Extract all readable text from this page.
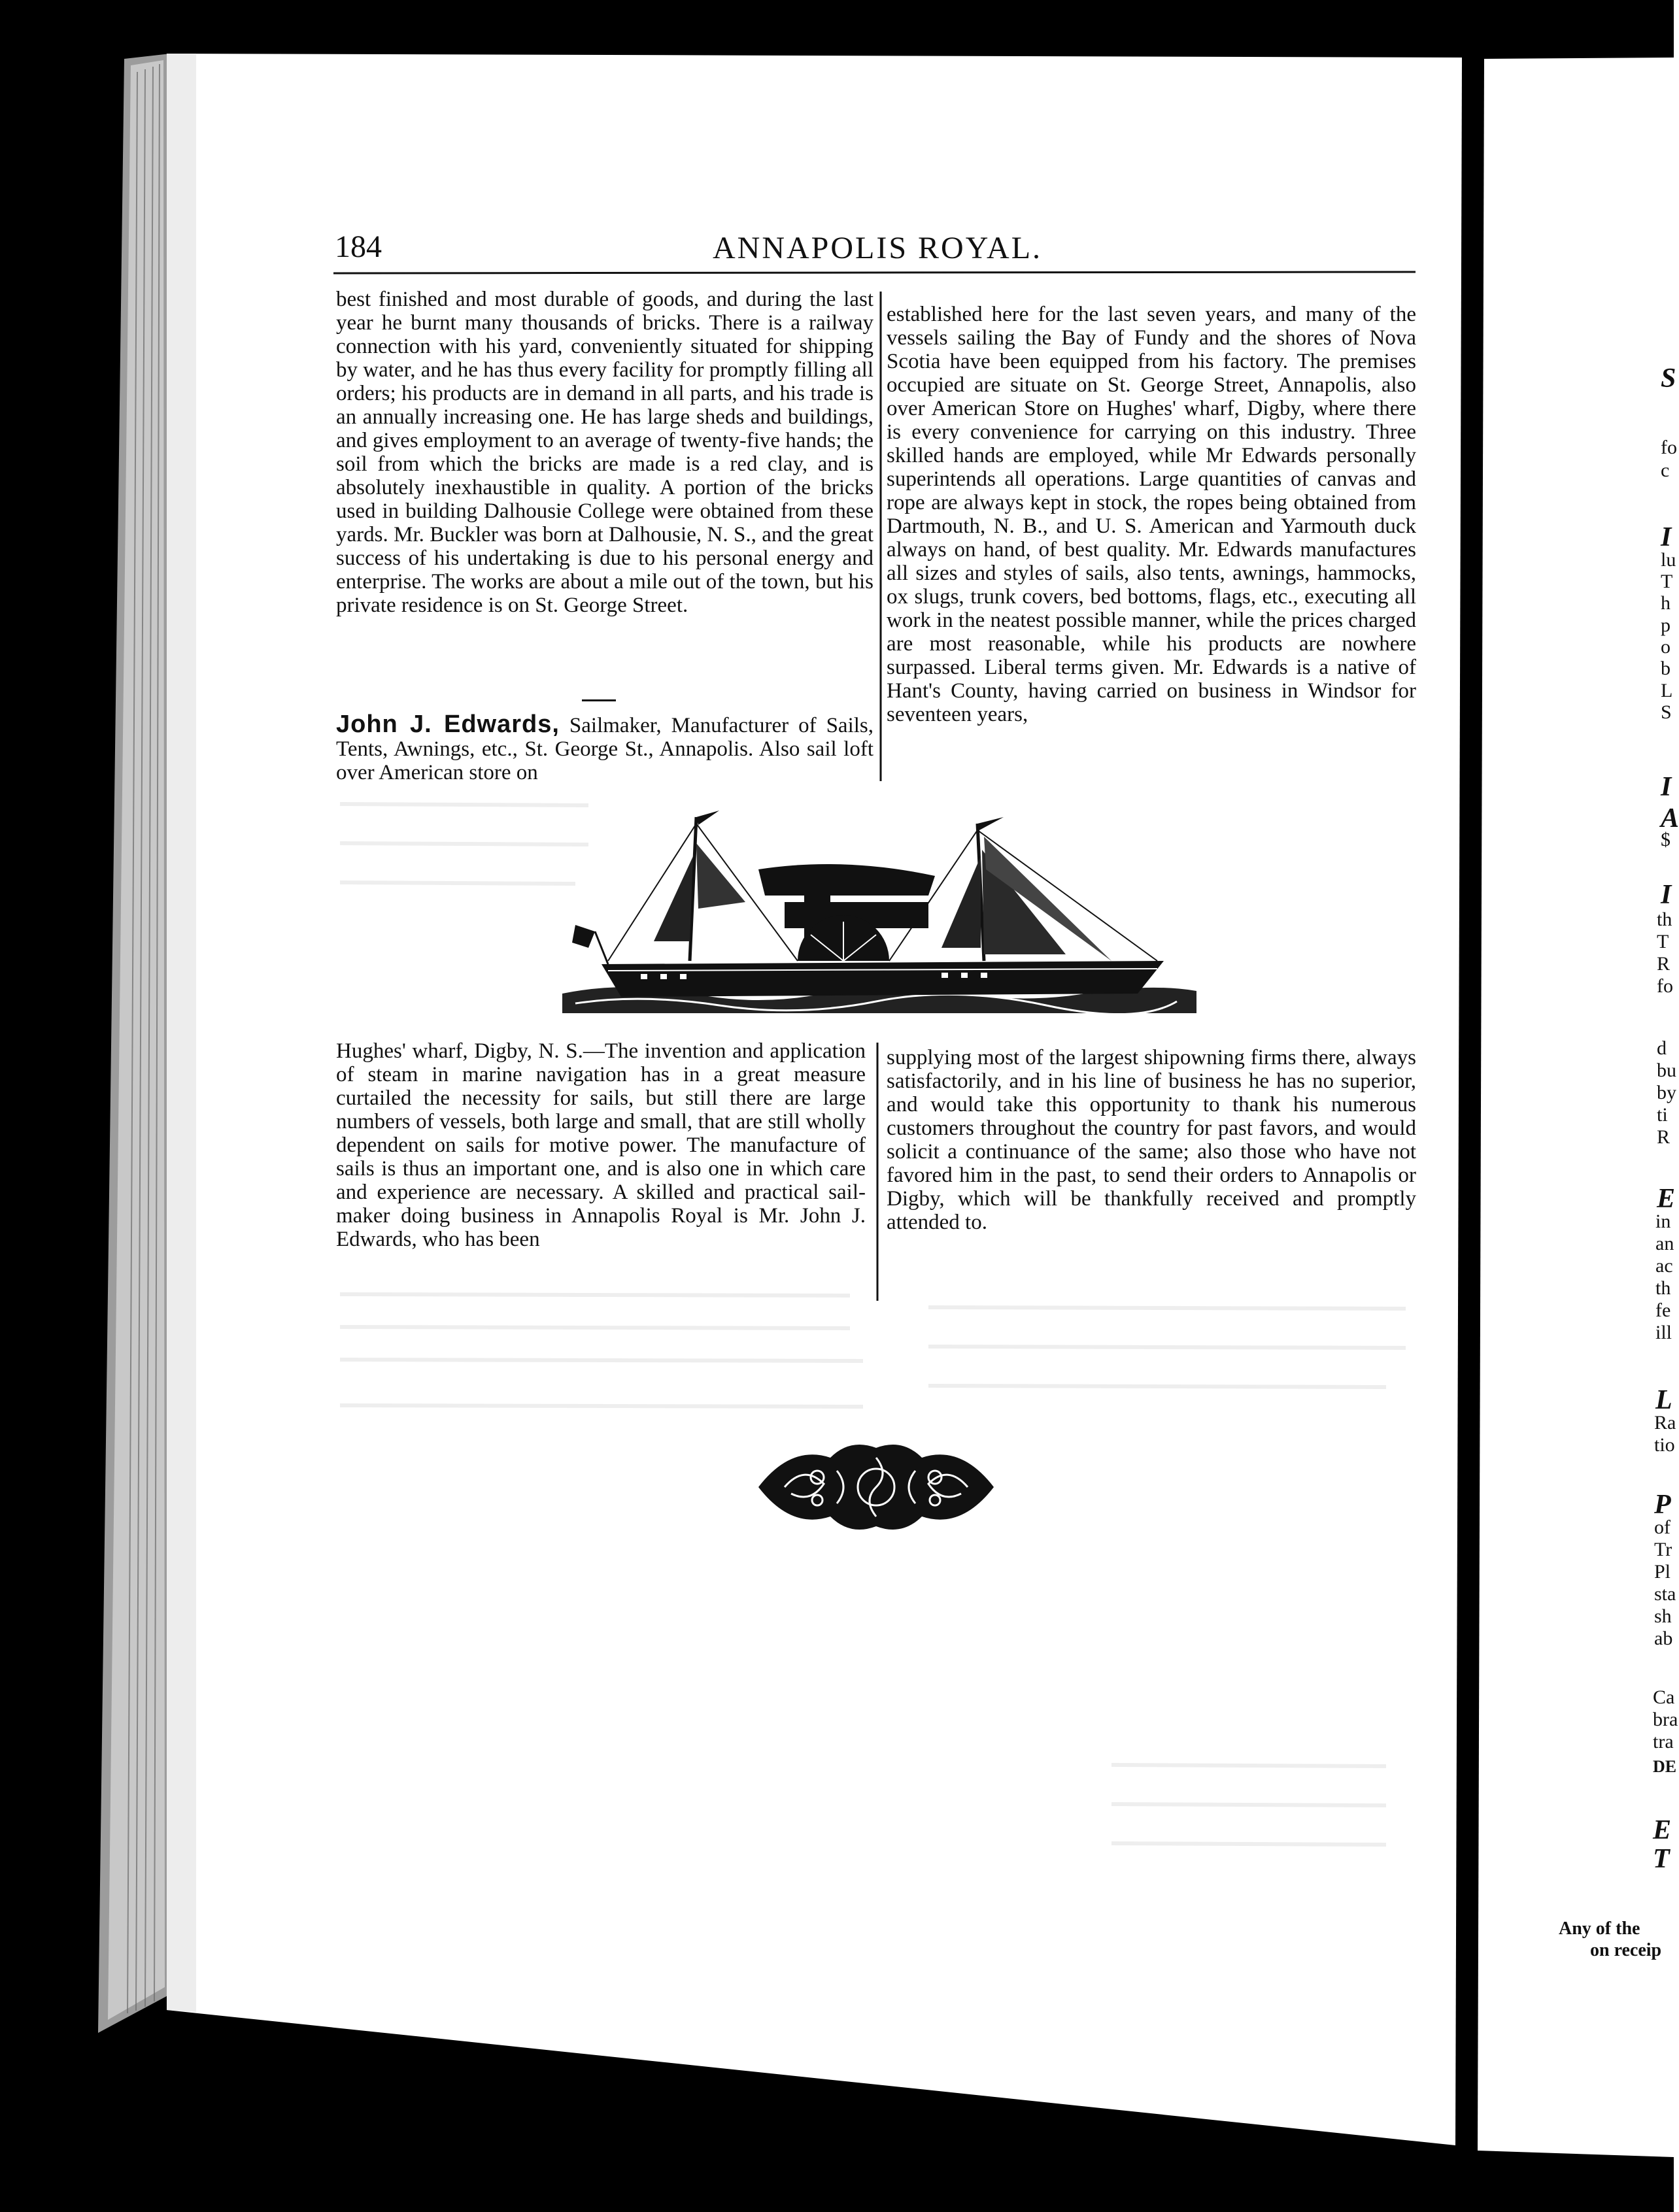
184	ANNAPOLIS ROYAL.

best finished and most durable of goods, and during the last year he burnt many thousands of bricks. There is a railway connection with his yard, conveniently situated for shipping by water, and he has thus every facility for promptly filling all orders; his products are in demand in all parts, and his trade is an annually increasing one. He has large sheds and buildings, and gives employment to an average of twenty-five hands; the soil from which the bricks are made is a red clay, and is absolutely inexhaustible in quality. A portion of the bricks used in building Dalhousie College were obtained from these yards. Mr. Buckler was born at Dalhousie, N. S., and the great success of his undertaking is due to his personal energy and enterprise. The works are about a mile out of the town, but his private residence is on St. George Street.

John J. Edwards, Sailmaker, Manufacturer of Sails, Tents, Awnings, etc., St. George St., Annapolis. Also sail loft over American store on

established here for the last seven years, and many of the vessels sailing the Bay of Fundy and the shores of Nova Scotia have been equipped from his factory. The premises occupied are situate on St. George Street, Annapolis, also over American Store on Hughes' wharf, Digby, where there is every convenience for carrying on this industry. Three skilled hands are employed, while Mr Edwards personally superintends all operations. Large quantities of canvas and rope are always kept in stock, the ropes being obtained from Dartmouth, N. B., and U. S. American and Yarmouth duck always on hand, of best quality. Mr. Edwards manufactures all sizes and styles of sails, also tents, awnings, hammocks, ox slugs, trunk covers, bed bottoms, flags, etc., executing all work in the neatest possible manner, while the prices charged are most reasonable, while his products are nowhere surpassed. Liberal terms given. Mr. Edwards is a native of Hant's County, having carried on business in Windsor for seventeen years,

Hughes' wharf, Digby, N. S.—The invention and application of steam in marine navigation has in a great measure curtailed the necessity for sails, but still there are large numbers of vessels, both large and small, that are still wholly dependent on sails for motive power. The manufacture of sails is thus an important one, and is also one in which care and experience are necessary. A skilled and practical sail-maker doing business in Annapolis Royal is Mr. John J. Edwards, who has been

supplying most of the largest shipowning firms there, always satisfactorily, and in his line of business he has no superior, and would take this opportunity to thank his numerous customers throughout the country for past favors, and would solicit a continuance of the same; also those who have not favored him in the past, to send their orders to Annapolis or Digby, which will be thankfully received and promptly attended to.

S
fo
c
I
lu
T
h
p
o
b
L
S
I
A
$
I
th
T
R
fo
d
bu
by
ti
R
E
in
an
ac
th
fe
ill
L
Ra
tio
P
of
Tr
Pl
sta
sh
ab
Ca
bra
tra
DE
E
T
Any of the
on receip
